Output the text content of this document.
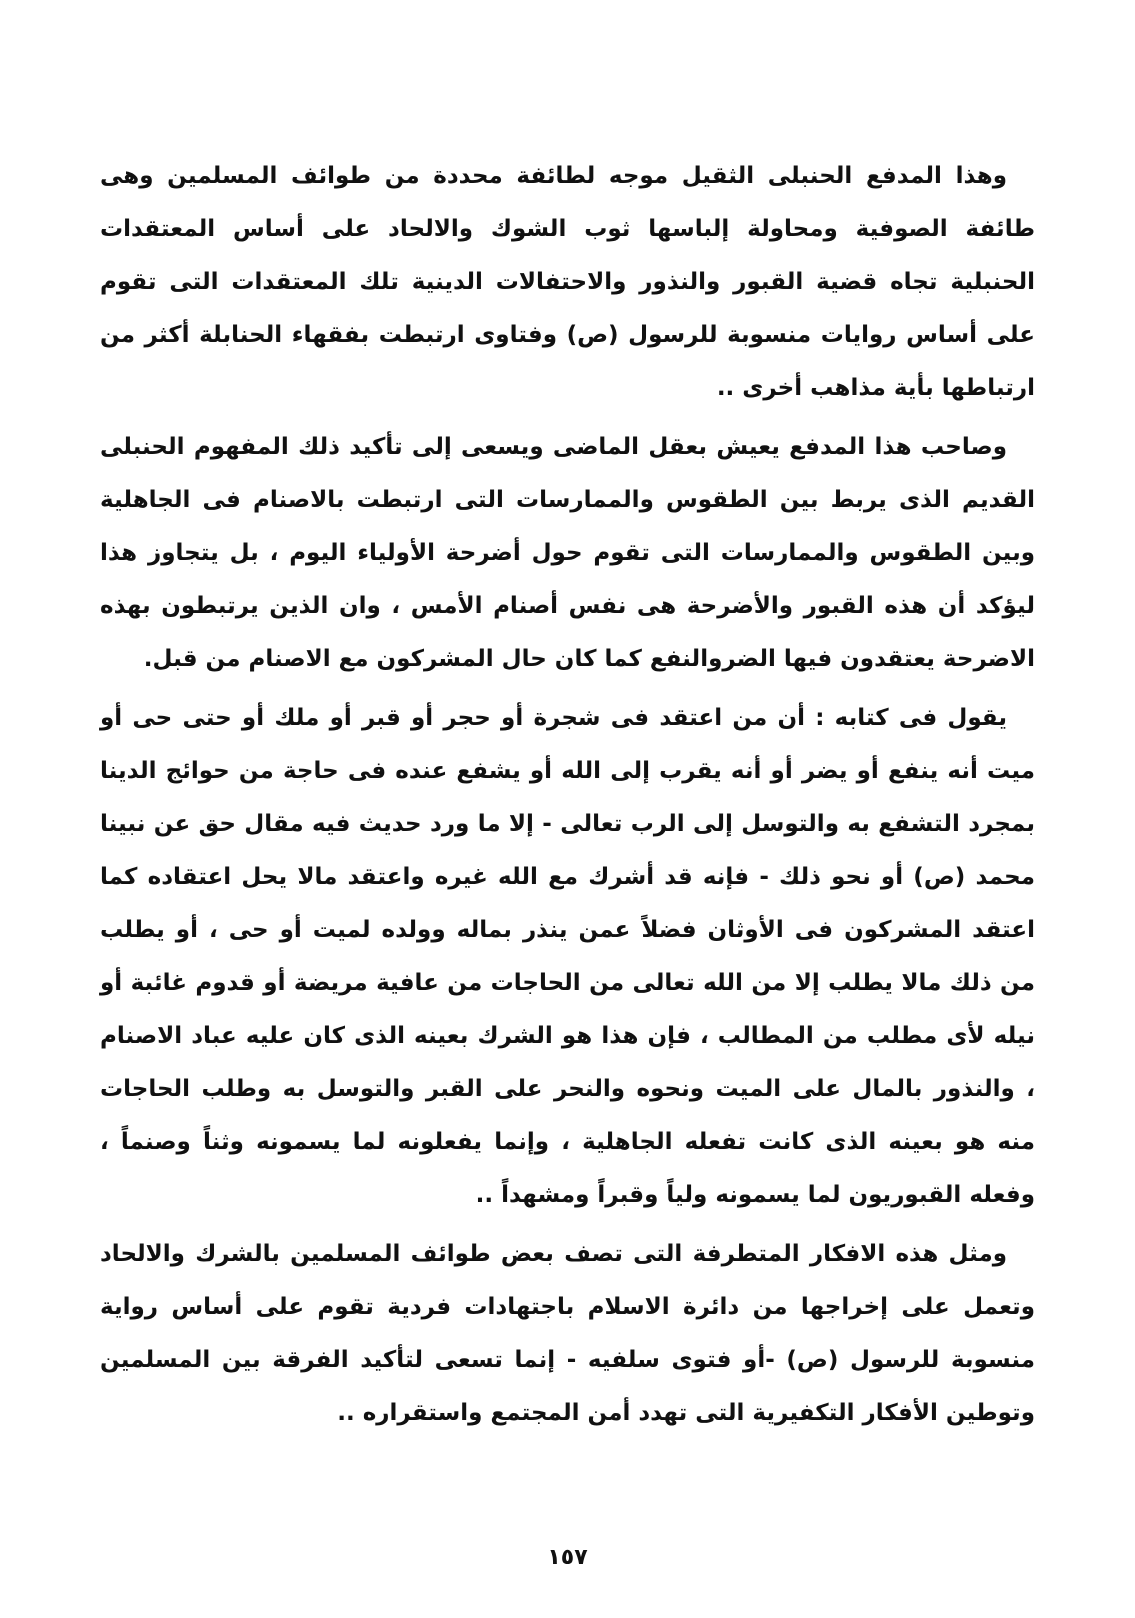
وهذا المدفع الحنبلى الثقيل موجه لطائفة محددة من طوائف المسلمين وهى طائفة الصوفية ومحاولة إلباسها ثوب الشوك والالحاد على أساس المعتقدات الحنبلية تجاه قضية القبور والنذور والاحتفالات الدينية تلك المعتقدات التى تقوم على أساس روايات منسوبة للرسول (ص) وفتاوى ارتبطت بفقهاء الحنابلة أكثر من ارتباطها بأية مذاهب أخرى ..

وصاحب هذا المدفع يعيش بعقل الماضى ويسعى إلى تأكيد ذلك المفهوم الحنبلى القديم الذى يربط بين الطقوس والممارسات التى ارتبطت بالاصنام فى الجاهلية وبين الطقوس والممارسات التى تقوم حول أضرحة الأولياء اليوم ، بل يتجاوز هذا ليؤكد أن هذه القبور والأضرحة هى نفس أصنام الأمس ، وان الذين يرتبطون بهذه الاضرحة يعتقدون فيها الضروالنفع كما كان حال المشركون مع الاصنام من قبل.

يقول فى كتابه : أن من اعتقد فى شجرة أو حجر أو قبر أو ملك أو حتى حى أو ميت أنه ينفع أو يضر أو أنه يقرب إلى الله أو يشفع عنده فى حاجة من حوائج الدينا بمجرد التشفع به والتوسل إلى الرب تعالى - إلا ما ورد حديث فيه مقال حق عن نبينا محمد (ص) أو نحو ذلك - فإنه قد أشرك مع الله غيره واعتقد مالا يحل اعتقاده كما اعتقد المشركون فى الأوثان فضلاً عمن ينذر بماله وولده لميت أو حى ، أو يطلب من ذلك مالا يطلب إلا من الله تعالى من الحاجات من عافية مريضة أو قدوم غائبة أو نيله لأى مطلب من المطالب ، فإن هذا هو الشرك بعينه الذى كان عليه عباد الاصنام ، والنذور بالمال على الميت ونحوه والنحر على القبر والتوسل به وطلب الحاجات منه هو بعينه الذى كانت تفعله الجاهلية ، وإنما يفعلونه لما يسمونه وثناً وصنماً ، وفعله القبوريون لما يسمونه ولياً وقبراً ومشهداً ..

ومثل هذه الافكار المتطرفة التى تصف بعض طوائف المسلمين بالشرك والالحاد وتعمل على إخراجها من دائرة الاسلام باجتهادات فردية تقوم على أساس رواية منسوبة للرسول (ص) -أو فتوى سلفيه - إنما تسعى لتأكيد الفرقة بين المسلمين وتوطين الأفكار التكفيرية التى تهدد أمن المجتمع واستقراره ..

١٥٧
